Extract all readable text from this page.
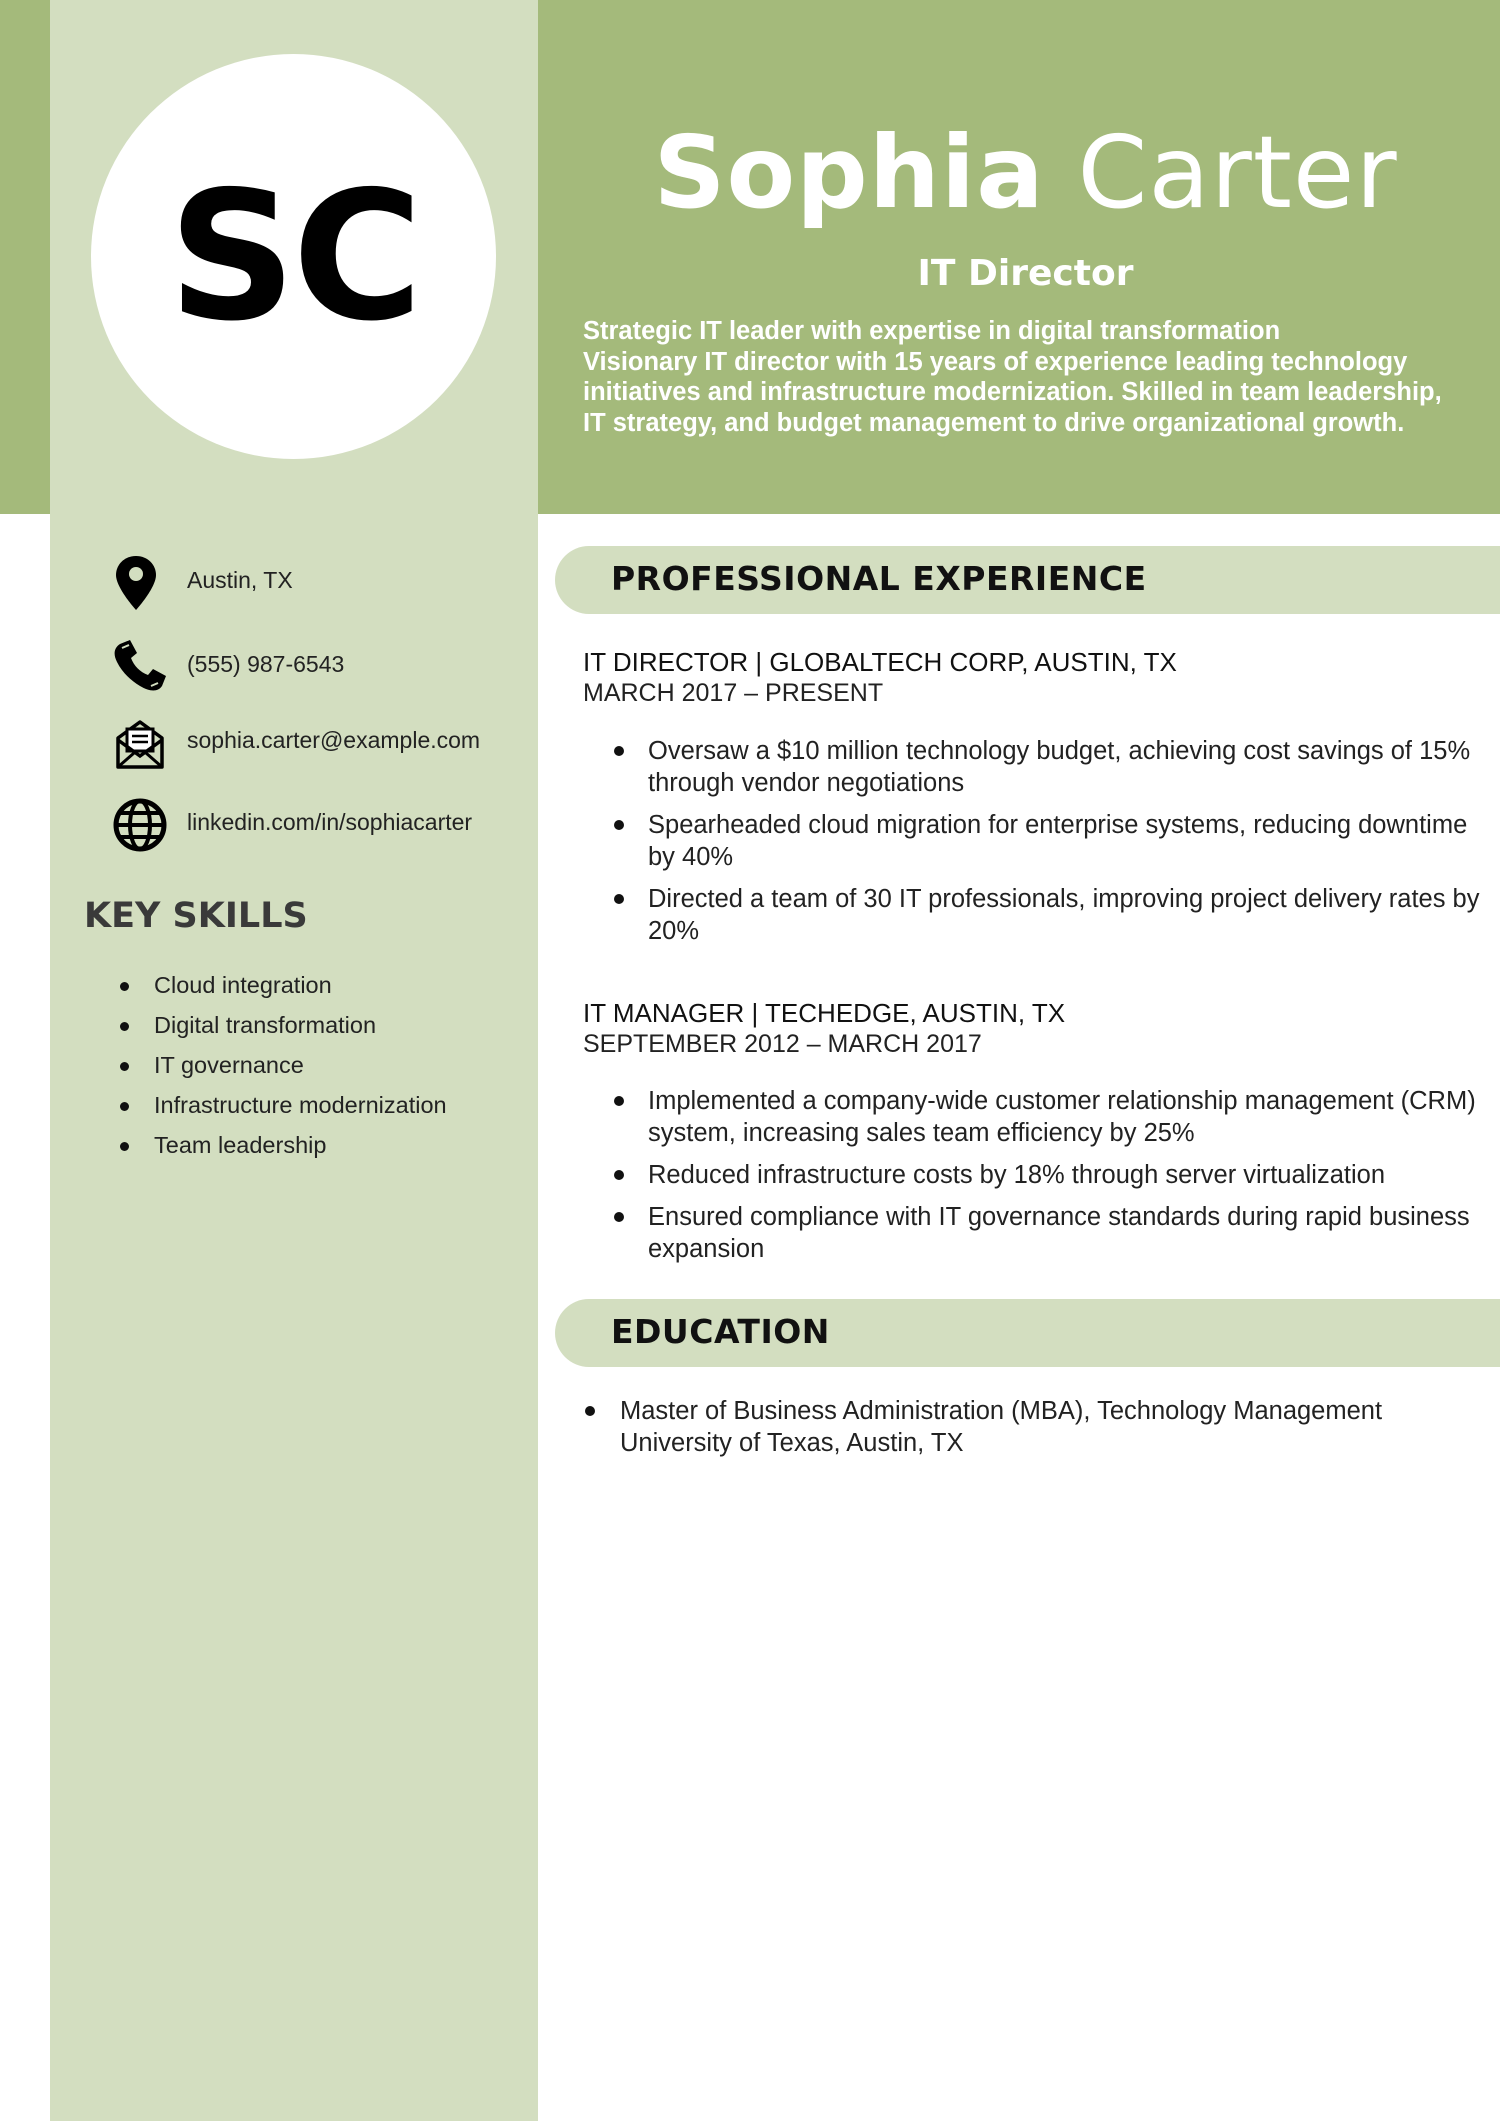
SC	Sophia Carter
IT Director
Strategic IT leader with expertise in digital transformation
Visionary IT director with 15 years of experience leading technology
initiatives and infrastructure modernization. Skilled in team leadership,
IT strategy, and budget management to drive organizational growth.
Austin, TX
(555) 987-6543
sophia.carter@example.com
linkedin.com/in/sophiacarter
KEY SKILLS
Cloud integration
Digital transformation
IT governance
Infrastructure modernization
Team leadership
PROFESSIONAL EXPERIENCE
IT DIRECTOR | GLOBALTECH CORP, AUSTIN, TX
MARCH 2017 – PRESENT
Oversaw a $10 million technology budget, achieving cost savings of 15% through vendor negotiations
Spearheaded cloud migration for enterprise systems, reducing downtime by 40%
Directed a team of 30 IT professionals, improving project delivery rates by 20%
IT MANAGER | TECHEDGE, AUSTIN, TX
SEPTEMBER 2012 – MARCH 2017
Implemented a company-wide customer relationship management (CRM) system, increasing sales team efficiency by 25%
Reduced infrastructure costs by 18% through server virtualization
Ensured compliance with IT governance standards during rapid business expansion
EDUCATION
Master of Business Administration (MBA), Technology Management
University of Texas, Austin, TX
